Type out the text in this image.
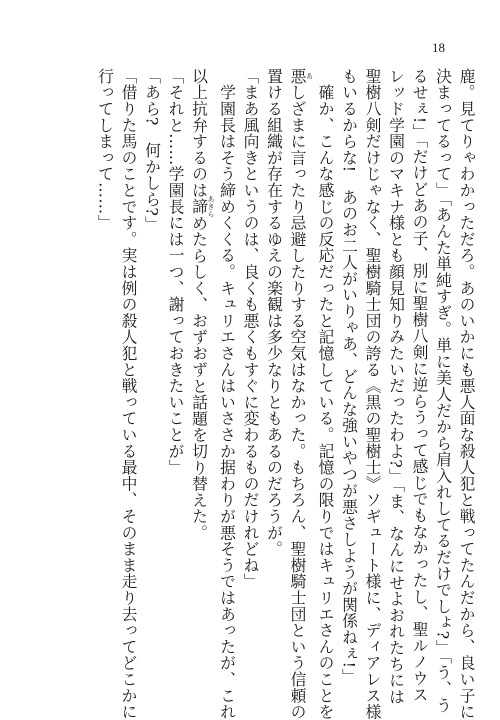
18
鹿。見てりゃわかっただろ。あのいかにも悪人面な殺人犯と戦ってたんだから、良い子に
決まってるって」「あんた単純すぎ。単に美人だから肩入れしてるだけでしょ?」「う、う
るせぇ!」「だけどあの子、別に聖樹八剣に逆らうって感じでもなかったし、聖ルノウス
レッド学園のマキナ様とも顔見知りみたいだったわよ?」「ま、なんにせよおれたちには
聖樹八剣だけじゃなく、聖樹騎士団の誇る《黒の聖樹士》ソギュート様に、ディアレス様
もいるからな!　あのお二人がいりゃあ、どんな強いやつが悪さしようが関係ねぇ!」
　確か、こんな感じの反応だったと記憶している。記憶の限りではキュリエさんのことを
悪あしざまに言ったり忌避したりする空気はなかった。もちろん、聖樹騎士団という信頼の
置ける組織が存在するゆえの楽観は多少なりともあるのだろうが。
「まあ風向きというのは、良くも悪くもすぐに変わるものだけれどね」
　学園長はそう締めくくる。キュリエさんはいささか据わりが悪そうではあったが、これ
以上抗弁するのは諦あきらめたらしく、おずおずと話題を切り替えた。
「それと……学園長には一つ、謝っておきたいことが」
「あら?　何かしら?」
「借りた馬のことです。実は例の殺人犯と戦っている最中、そのまま走り去ってどこかに
行ってしまって……」
